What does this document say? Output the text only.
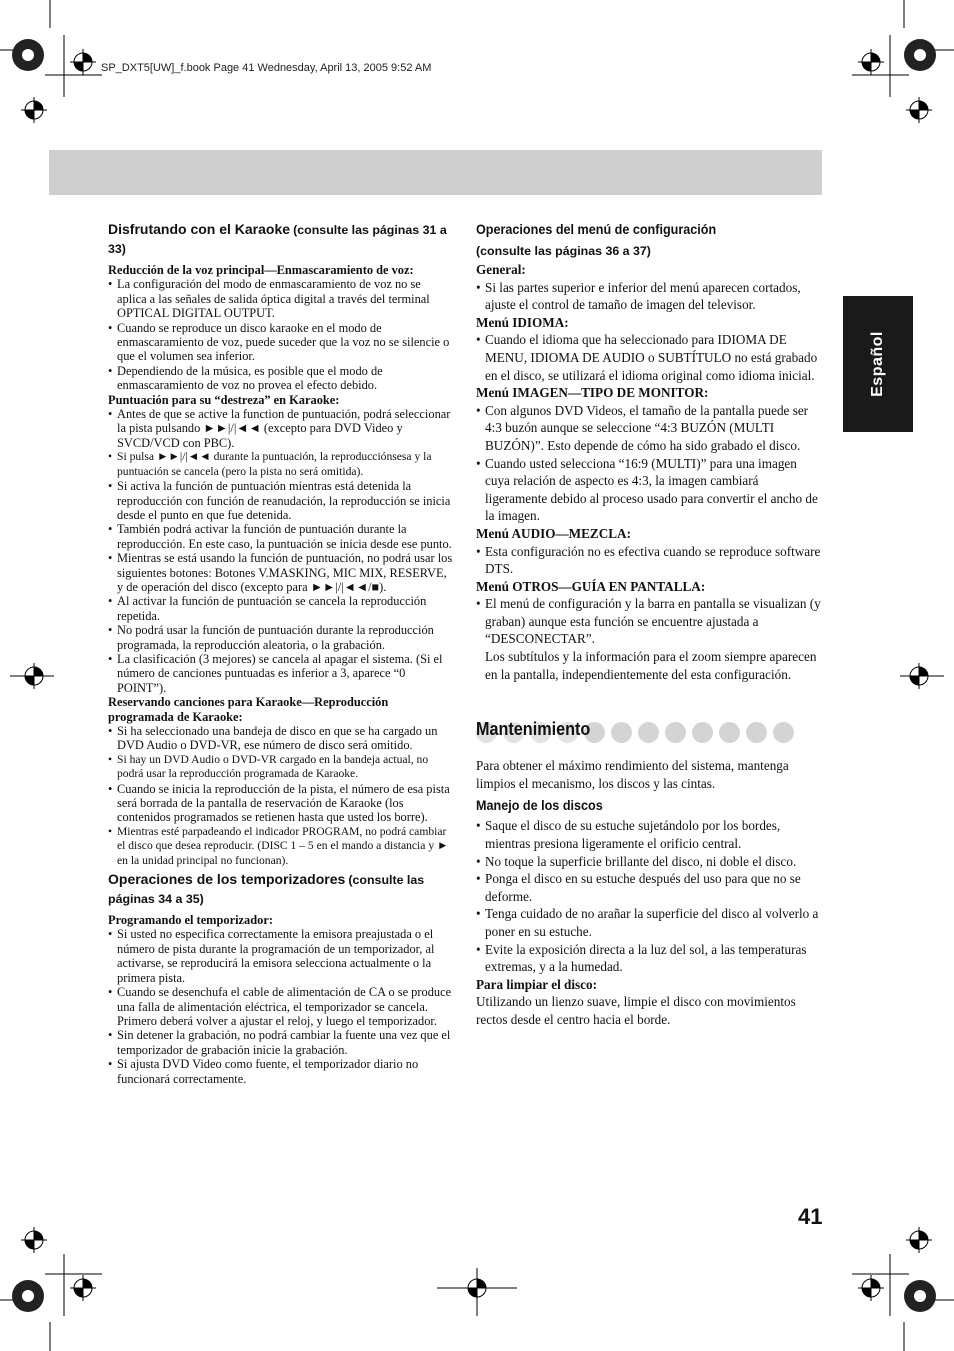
SP_DXT5[UW]_f.book Page 41 Wednesday, April 13, 2005 9:52 AM
Español

Disfrutando con el Karaoke (consulte las páginas 31 a 33)

Reducción de la voz principal—Enmascaramiento de voz:

• La configuración del modo de enmascaramiento de voz no se aplica a las señales de salida óptica digital a través del terminal OPTICAL DIGITAL OUTPUT.
• Cuando se reproduce un disco karaoke en el modo de enmascaramiento de voz, puede suceder que la voz no se silencie o que el volumen sea inferior.
• Dependiendo de la música, es posible que el modo de enmascaramiento de voz no provea el efecto debido.

Puntuación para su “destreza” en Karaoke:

• Antes de que se active la function de puntuación, podrá seleccionar la pista pulsando ►►|/|◄◄ (excepto para DVD Video y SVCD/VCD con PBC).
• Si pulsa ►►|/|◄◄ durante la puntuación, la reproducciónsesa y la puntuación se cancela (pero la pista no será omitida).
• Si activa la función de puntuación mientras está detenida la reproducción con función de reanudación, la reproducción se inicia desde el punto en que fue detenida.
• También podrá activar la función de puntuación durante la reproducción. En este caso, la puntuación se inicia desde ese punto.
• Mientras se está usando la función de puntuación, no podrá usar los siguientes botones: Botones V.MASKING, MIC MIX, RESERVE, y de operación del disco (excepto para ►►|/|◄◄/■).
• Al activar la función de puntuación se cancela la reproducción repetida.
• No podrá usar la función de puntuación durante la reproducción programada, la reproducción aleatoria, o la grabación.
• La clasificación (3 mejores) se cancela al apagar el sistema. (Si el número de canciones puntuadas es inferior a 3, aparece “0 POINT”).

Reservando canciones para Karaoke—Reproducción programada de Karaoke:

• Si ha seleccionado una bandeja de disco en que se ha cargado un DVD Audio o DVD-VR, ese número de disco será omitido.
• Si hay un DVD Audio o DVD-VR cargado en la bandeja actual, no podrá usar la reproducción programada de Karaoke.
• Cuando se inicia la reproducción de la pista, el número de esa pista será borrada de la pantalla de reservación de Karaoke (los contenidos programados se retienen hasta que usted los borre).
• Mientras esté parpadeando el indicador PROGRAM, no podrá cambiar el disco que desea reproducir. (DISC 1 – 5 en el mando a distancia y ► en la unidad principal no funcionan).

Operaciones de los temporizadores (consulte las páginas 34 a 35)

Programando el temporizador:

• Si usted no especifica correctamente la emisora preajustada o el número de pista durante la programación de un temporizador, al activarse, se reproducirá la emisora selecciona actualmente o la primera pista.
• Cuando se desenchufa el cable de alimentación de CA o se produce una falla de alimentación eléctrica, el temporizador se cancela. Primero deberá volver a ajustar el reloj, y luego el temporizador.
• Sin detener la grabación, no podrá cambiar la fuente una vez que el temporizador de grabación inicie la grabación.
• Si ajusta DVD Video como fuente, el temporizador diario no funcionará correctamente.
Operaciones del menú de configuración

(consulte las páginas 36 a 37)

General:

• Si las partes superior e inferior del menú aparecen cortados, ajuste el control de tamaño de imagen del televisor.

Menú IDIOMA:

• Cuando el idioma que ha seleccionado para IDIOMA DE MENU, IDIOMA DE AUDIO o SUBTÍTULO no está grabado en el disco, se utilizará el idioma original como idioma inicial.

Menú IMAGEN—TIPO DE MONITOR:

• Con algunos DVD Videos, el tamaño de la pantalla puede ser 4:3 buzón aunque se seleccione “4:3 BUZÓN (MULTI BUZÓN)”. Esto depende de cómo ha sido grabado el disco.
• Cuando usted selecciona “16:9 (MULTI)” para una imagen cuya relación de aspecto es 4:3, la imagen cambiará ligeramente debido al proceso usado para convertir el ancho de la imagen.

Menú AUDIO—MEZCLA:

• Esta configuración no es efectiva cuando se reproduce software DTS.

Menú OTROS—GUÍA EN PANTALLA:

• El menú de configuración y la barra en pantalla se visualizan (y graban) aunque esta función se encuentre ajustada a “DESCONECTAR”.

Los subtítulos y la información para el zoom siempre aparecen en la pantalla, independientemente del esta configuración.

Mantenimiento

Para obtener el máximo rendimiento del sistema, mantenga limpios el mecanismo, los discos y las cintas.

Manejo de los discos
• Saque el disco de su estuche sujetándolo por los bordes, mientras presiona ligeramente el orificio central.
• No toque la superficie brillante del disco, ni doble el disco.
• Ponga el disco en su estuche después del uso para que no se deforme.
• Tenga cuidado de no arañar la superficie del disco al volverlo a poner en su estuche.
• Evite la exposición directa a la luz del sol, a las temperaturas extremas, y a la humedad.

Para limpiar el disco:

Utilizando un lienzo suave, limpie el disco con movimientos rectos desde el centro hacia el borde.

41
